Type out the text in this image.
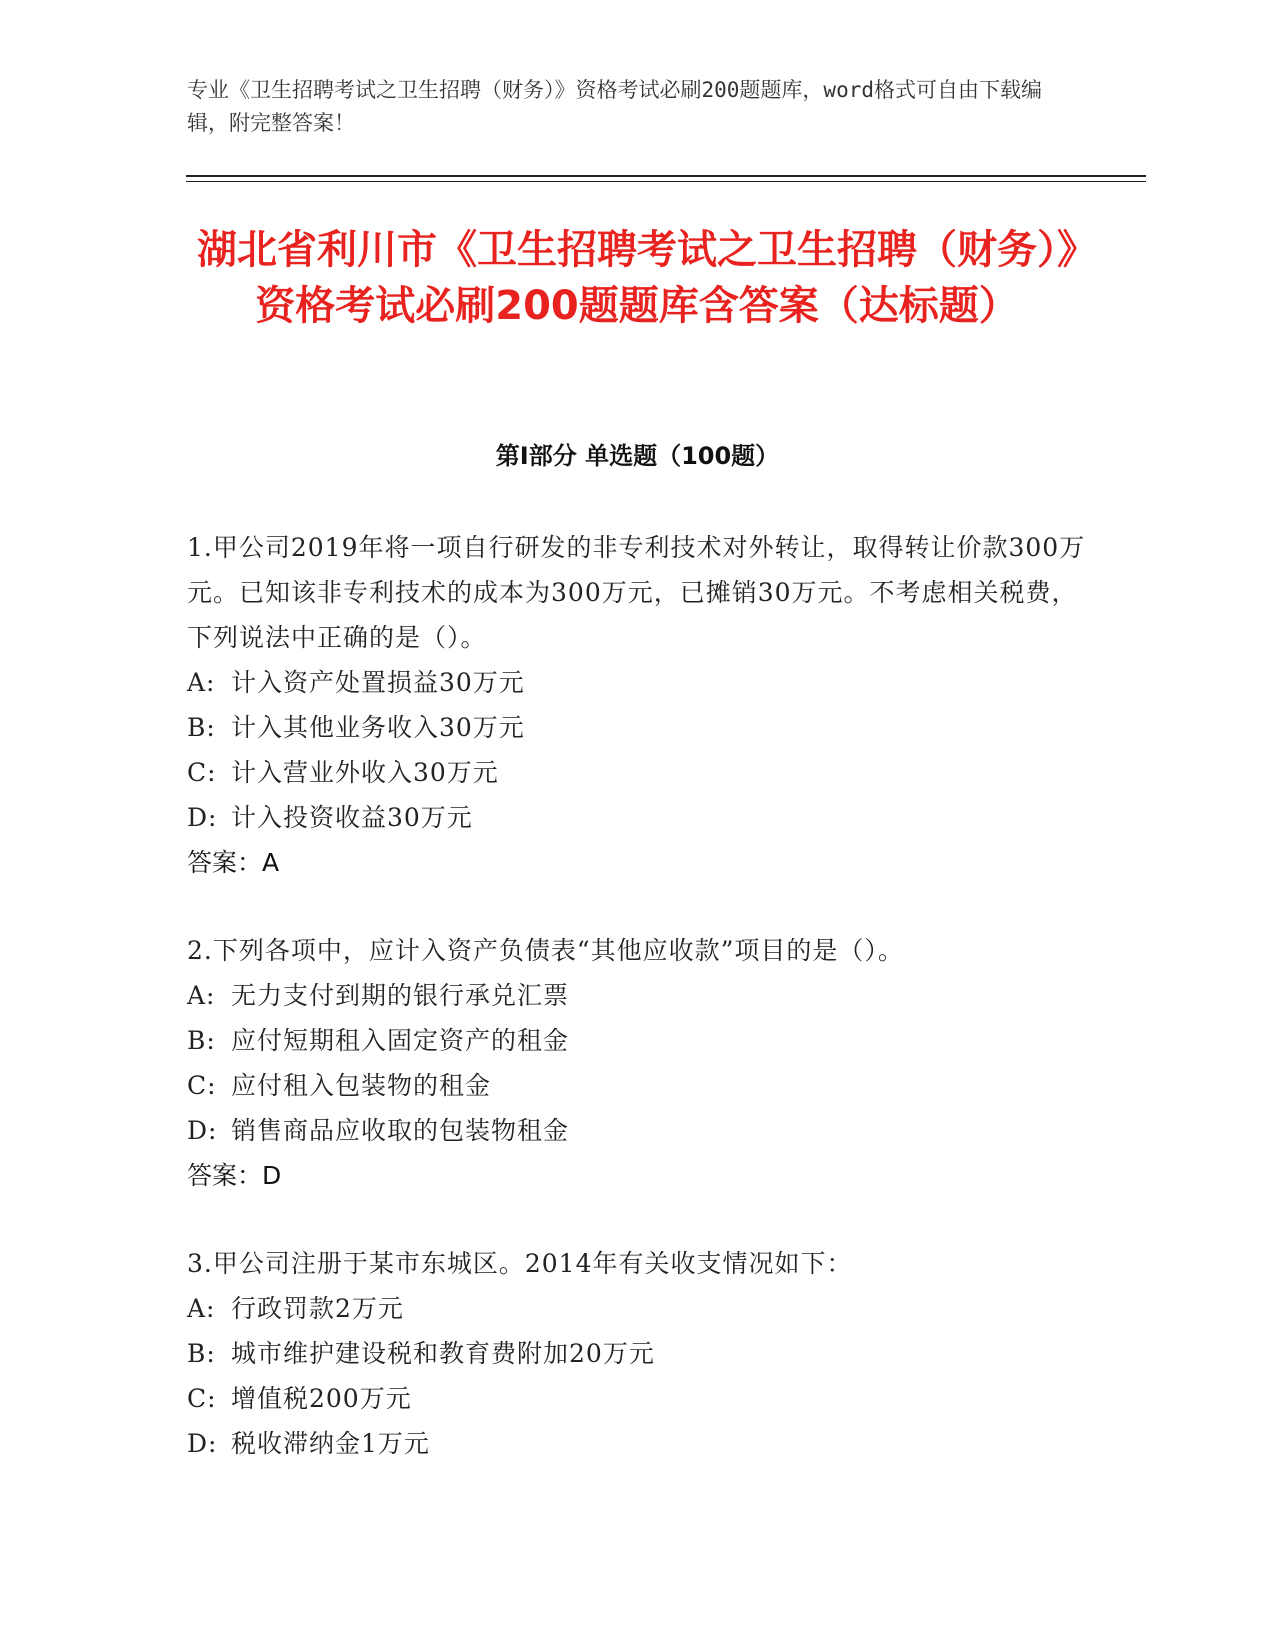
专业《卫生招聘考试之卫生招聘（财务）》资格考试必刷200题题库，word格式可自由下载编辑，附完整答案！
湖北省利川市《卫生招聘考试之卫生招聘（财务）》资格考试必刷200题题库含答案（达标题）
第Ⅰ部分 单选题（100题）
1.甲公司2019年将一项自行研发的非专利技术对外转让，取得转让价款300万元。已知该非专利技术的成本为300万元，已摊销30万元。不考虑相关税费，下列说法中正确的是（）。
A: 计入资产处置损益30万元
B: 计入其他业务收入30万元
C: 计入营业外收入30万元
D: 计入投资收益30万元
答案：A
2.下列各项中，应计入资产负债表“其他应收款”项目的是（）。
A: 无力支付到期的银行承兑汇票
B: 应付短期租入固定资产的租金
C: 应付租入包装物的租金
D: 销售商品应收取的包装物租金
答案：D
3.甲公司注册于某市东城区。2014年有关收支情况如下：
A: 行政罚款2万元
B: 城市维护建设税和教育费附加20万元
C: 增值税200万元
D: 税收滞纳金1万元
